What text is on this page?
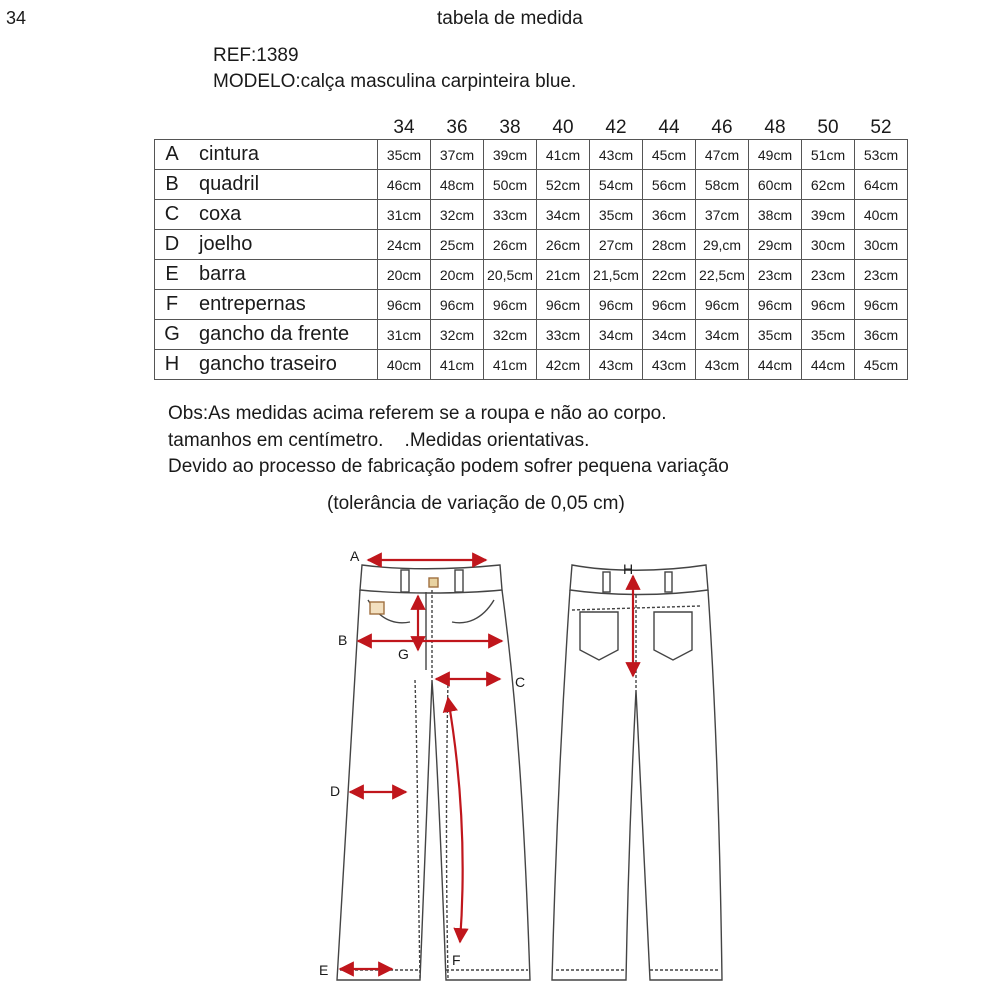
34	tabela de medida
REF:1389
MODELO:calça masculina carpinteira blue.
		34	36	38	40	42	44	46	48	50	52
A	cintura	35cm	37cm	39cm	41cm	43cm	45cm	47cm	49cm	51cm	53cm
B	quadril	46cm	48cm	50cm	52cm	54cm	56cm	58cm	60cm	62cm	64cm
C	coxa	31cm	32cm	33cm	34cm	35cm	36cm	37cm	38cm	39cm	40cm
D	joelho	24cm	25cm	26cm	26cm	27cm	28cm	29,cm	29cm	30cm	30cm
E	barra	20cm	20cm	20,5cm	21cm	21,5cm	22cm	22,5cm	23cm	23cm	23cm
F	entrepernas	96cm	96cm	96cm	96cm	96cm	96cm	96cm	96cm	96cm	96cm
G	gancho da frente	31cm	32cm	32cm	33cm	34cm	34cm	34cm	35cm	35cm	36cm
H	gancho traseiro	40cm	41cm	41cm	42cm	43cm	43cm	43cm	44cm	44cm	45cm
Obs:As medidas acima referem se a roupa e não ao corpo.
tamanhos em centímetro.    .Medidas orientativas.
Devido ao processo de fabricação podem sofrer pequena variação
(tolerância de variação de 0,05 cm)
A
B
C
D
E
F
G
H
